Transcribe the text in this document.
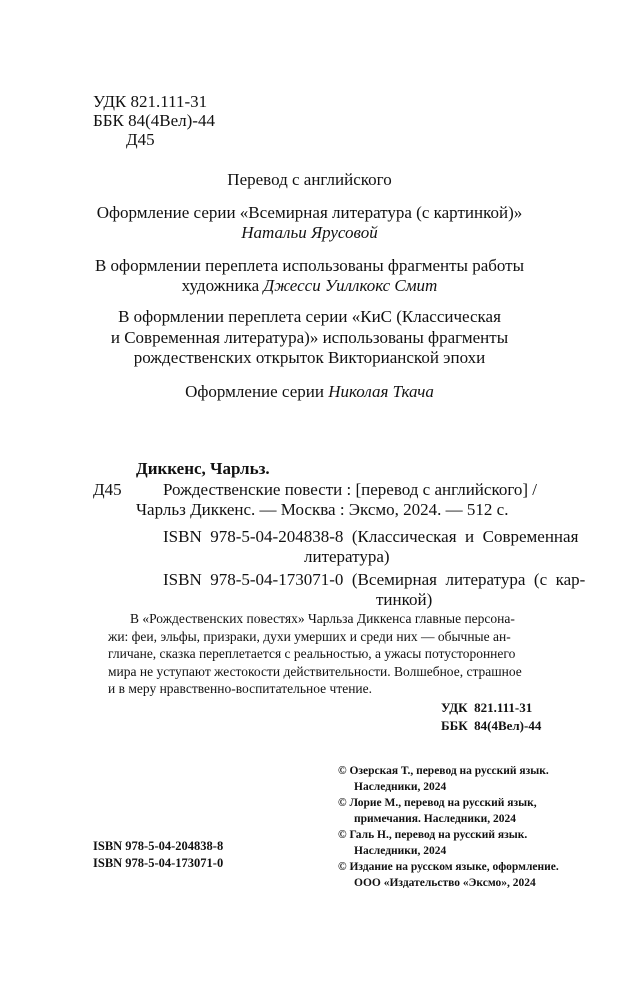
УДК 821.111-31
ББК 84(4Вел)-44
Д45
Перевод с английского
Оформление серии «Всемирная литература (с картинкой)»
Натальи Ярусовой
В оформлении переплета использованы фрагменты работы
художника Джесси Уиллкокс Смит
В оформлении переплета серии «КиС (Классическая
и Современная литература)» использованы фрагменты
рождественских открыток Викторианской эпохи
Оформление серии Николая Ткача
Диккенс, Чарльз.
Д45 Рождественские повести : [перевод с английского] /
Чарльз Диккенс. — Москва : Эксмо, 2024. — 512 с.
ISBN  978-5-04-204838-8  (Классическая  и  Современная
литература)
ISBN  978-5-04-173071-0  (Всемирная  литература  (с  кар-
тинкой)
В «Рождественских повестях» Чарльза Диккенса главные персона-
жи: феи, эльфы, призраки, духи умерших и среди них — обычные ан-
гличане, сказка переплетается с реальностью, а ужасы потустороннего
мира не уступают жестокости действительности. Волшебное, страшное
и в меру нравственно-воспитательное чтение.
УДК  821.111-31
ББК  84(4Вел)-44
© Озерская Т., перевод на русский язык.
Наследники, 2024
© Лорие М., перевод на русский язык,
примечания. Наследники, 2024
© Галь Н., перевод на русский язык.
Наследники, 2024
© Издание на русском языке, оформление.
ООО «Издательство «Эксмо», 2024
ISBN 978-5-04-204838-8
ISBN 978-5-04-173071-0
